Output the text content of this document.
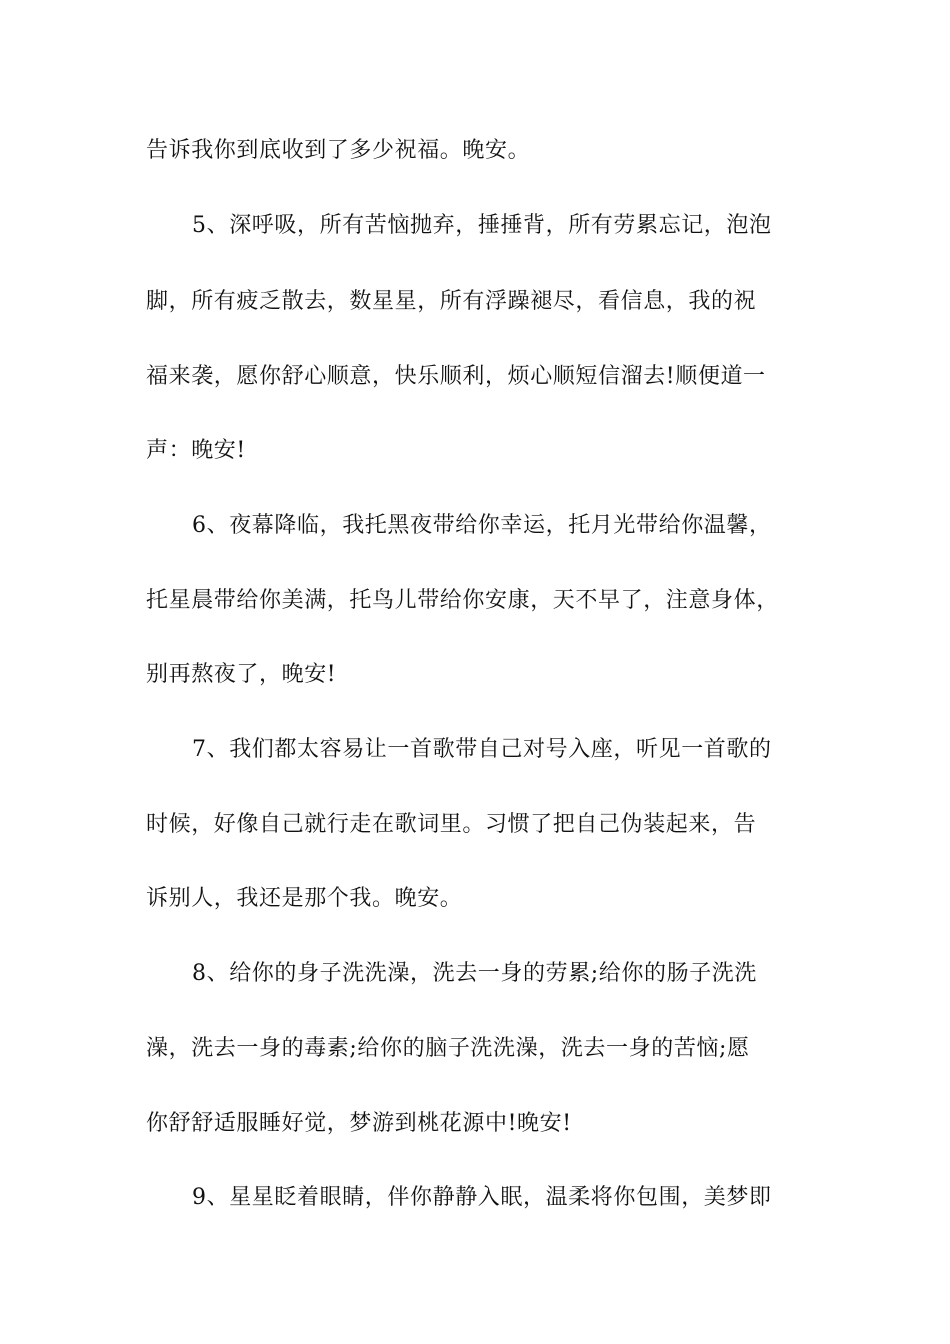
告诉我你到底收到了多少祝福。晚安。
5、深呼吸，所有苦恼抛弃，捶捶背，所有劳累忘记，泡泡
脚，所有疲乏散去，数星星，所有浮躁褪尽，看信息，我的祝
福来袭，愿你舒心顺意，快乐顺利，烦心顺短信溜去!顺便道一
声：晚安!
6、夜幕降临，我托黑夜带给你幸运，托月光带给你温馨，
托星晨带给你美满，托鸟儿带给你安康，天不早了，注意身体，
别再熬夜了，晚安!
7、我们都太容易让一首歌带自己对号入座，听见一首歌的
时候，好像自己就行走在歌词里。习惯了把自己伪装起来，告
诉别人，我还是那个我。晚安。
8、给你的身子洗洗澡，洗去一身的劳累;给你的肠子洗洗
澡，洗去一身的毒素;给你的脑子洗洗澡，洗去一身的苦恼;愿
你舒舒适服睡好觉，梦游到桃花源中!晚安!
9、星星眨着眼睛，伴你静静入眠，温柔将你包围，美梦即
